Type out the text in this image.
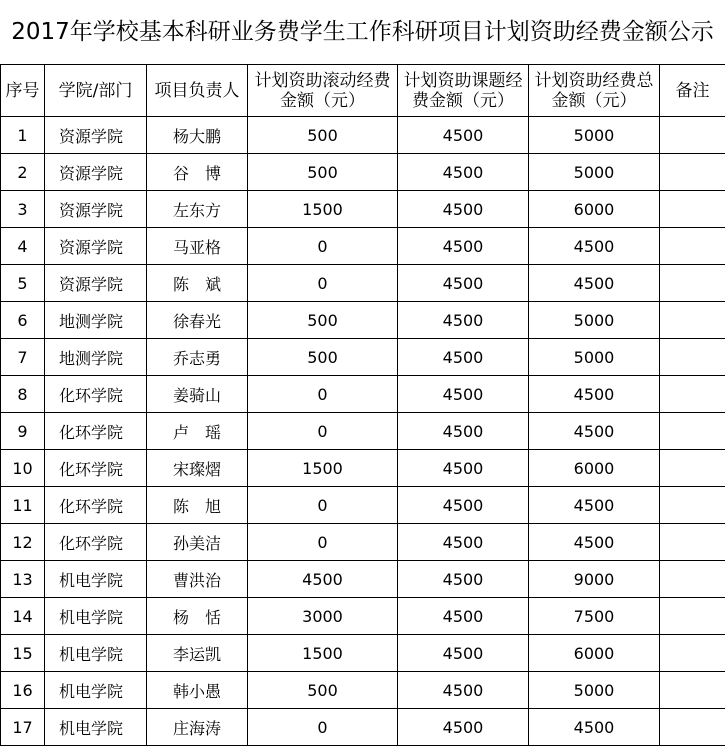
2017年学校基本科研业务费学生工作科研项目计划资助经费金额公示
序号	学院/部门	项目负责人	计划资助滚动经费金额（元）	计划资助课题经费金额（元）	计划资助经费总金额（元）	备注
1	资源学院	杨大鹏	500	4500	5000	
2	资源学院	谷　博	500	4500	5000	
3	资源学院	左东方	1500	4500	6000	
4	资源学院	马亚格	0	4500	4500	
5	资源学院	陈　斌	0	4500	4500	
6	地测学院	徐春光	500	4500	5000	
7	地测学院	乔志勇	500	4500	5000	
8	化环学院	姜骑山	0	4500	4500	
9	化环学院	卢　瑶	0	4500	4500	
10	化环学院	宋璨熠	1500	4500	6000	
11	化环学院	陈　旭	0	4500	4500	
12	化环学院	孙美洁	0	4500	4500	
13	机电学院	曹洪治	4500	4500	9000	
14	机电学院	杨　恬	3000	4500	7500	
15	机电学院	李运凯	1500	4500	6000	
16	机电学院	韩小愚	500	4500	5000	
17	机电学院	庄海涛	0	4500	4500	
